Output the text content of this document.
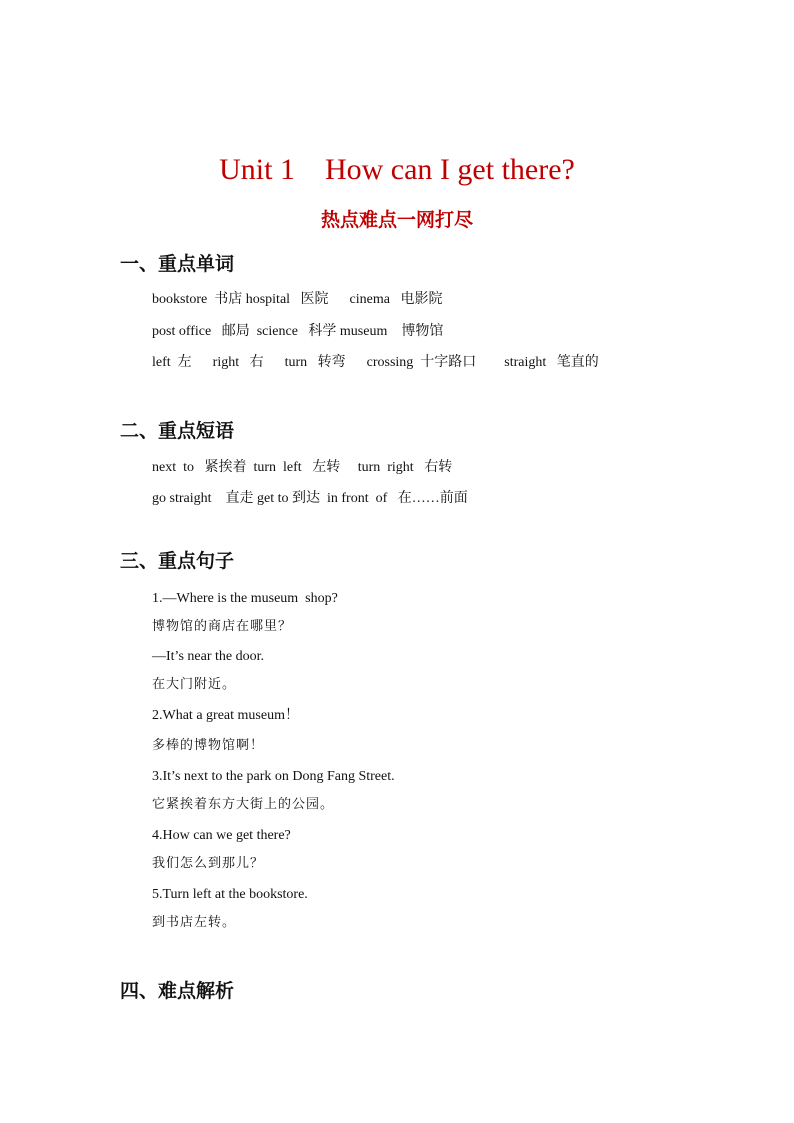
Unit 1    How can I get there?
热点难点一网打尽
一、重点单词
bookstore  书店 hospital   医院      cinema   电影院
post office   邮局  science   科学 museum    博物馆
left  左      right   右      turn   转弯      crossing  十字路口        straight   笔直的
二、重点短语
next  to   紧挨着  turn  left   左转     turn  right   右转
go straight    直走 get to 到达  in front  of   在……前面
三、重点句子
1.—Where is the museum  shop?
博物馆的商店在哪里？
—It’s near the door.
在大门附近。
2.What a great museum！
多棒的博物馆啊！
3.It’s next to the park on Dong Fang Street.
它紧挨着东方大街上的公园。
4.How can we get there?
我们怎么到那儿？
5.Turn left at the bookstore.
到书店左转。
四、难点解析
